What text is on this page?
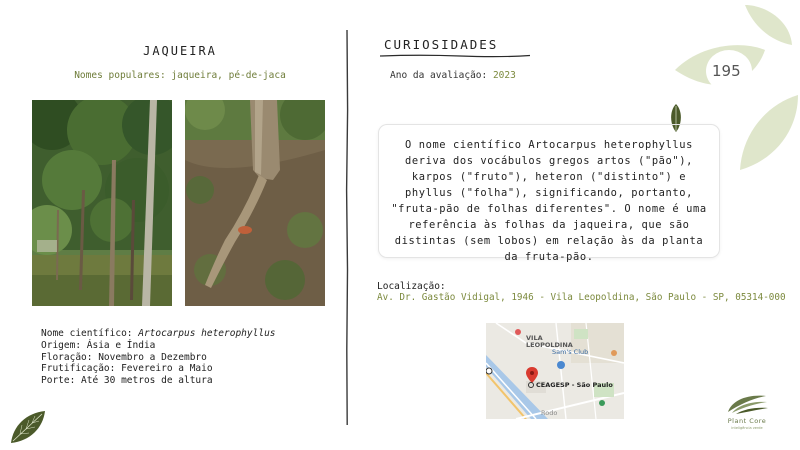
195
JAQUEIRA
Nomes populares: jaqueira, pé-de-jaca
Nome científico: Artocarpus heterophyllus
Origem: Ásia e Índia
Floração: Novembro a Dezembro
Frutificação: Fevereiro a Maio
Porte: Até 30 metros de altura
CURIOSIDADES
Ano da avaliação: 2023
O nome científico Artocarpus heterophyllus deriva dos vocábulos gregos artos ("pão"), karpos ("fruto"), heteron ("distinto") e phyllus ("folha"), significando, portanto, "fruta-pão de folhas diferentes". O nome é uma referência às folhas da jaqueira, que são distintas (sem lobos) em relação às da planta da fruta-pão.
Localização:
Av. Dr. Gastão Vidigal, 1946 - Vila Leopoldina, São Paulo - SP, 05314-000
VILA LEOPOLDINA
Sam's Club
CEAGESP - São Paulo
Rodo
Plant Core
inteligência verde
